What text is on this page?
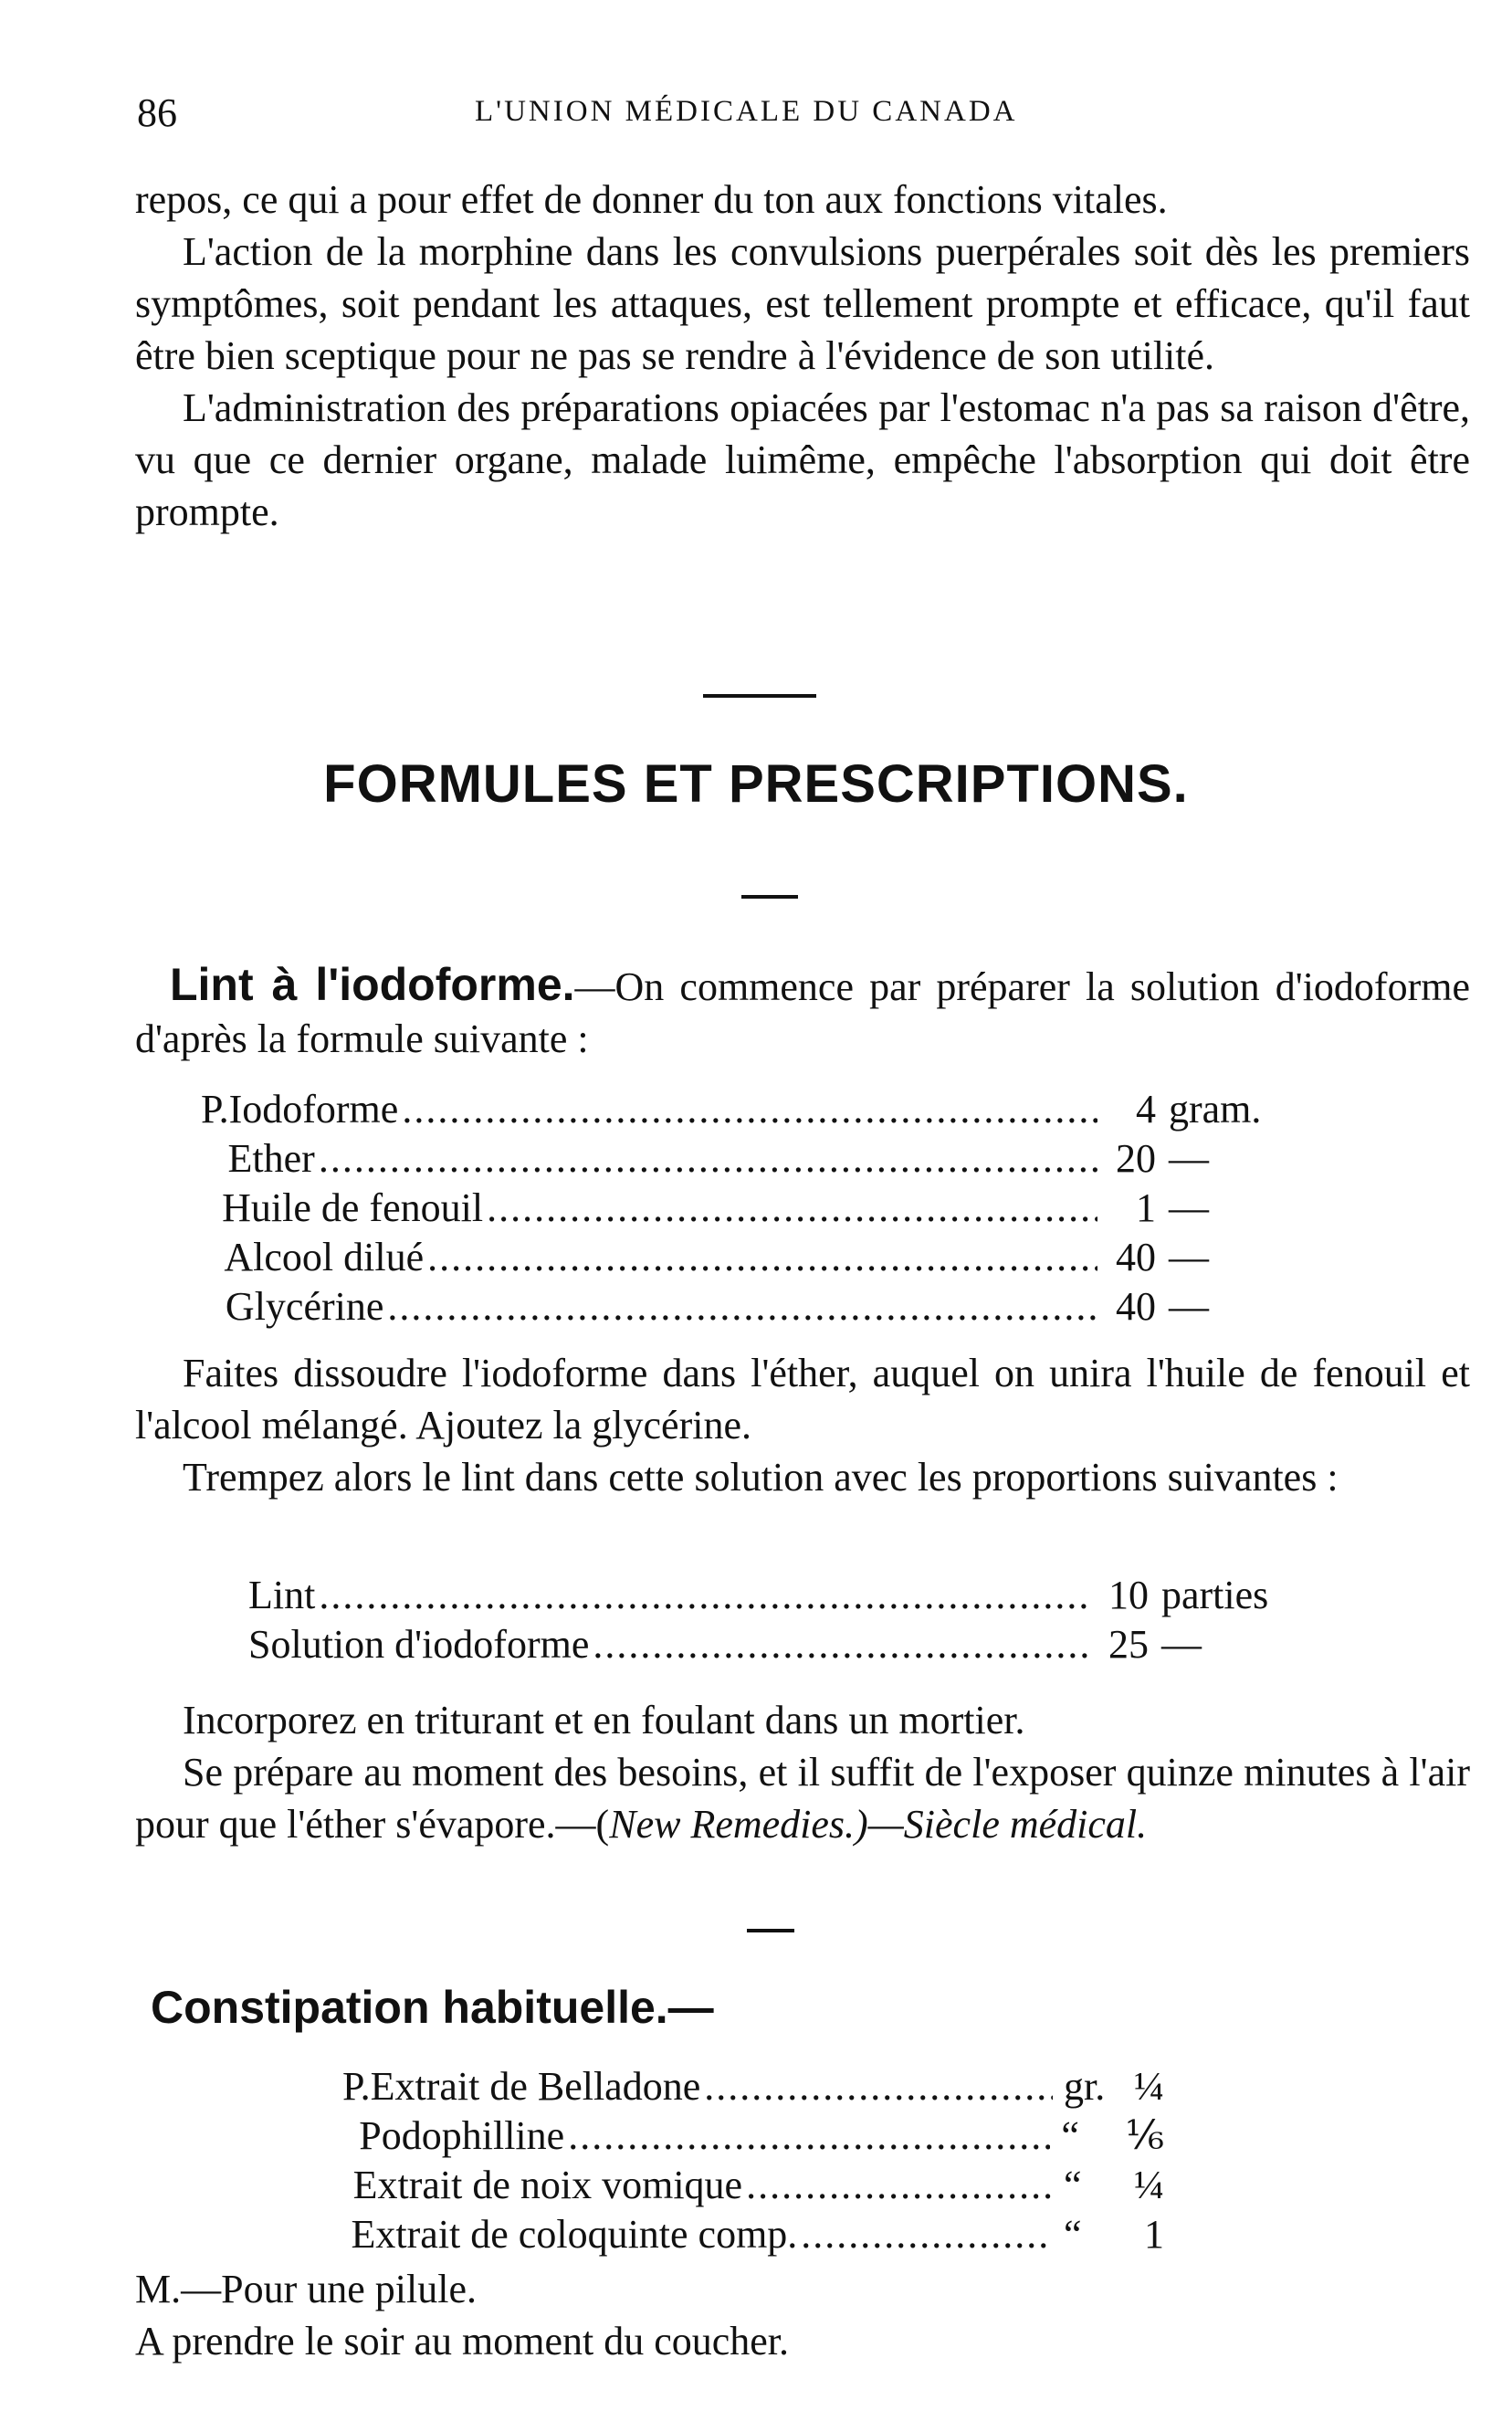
86	L'UNION MÉDICALE DU CANADA

repos, ce qui a pour effet de donner du ton aux fonctions vitales.

L'action de la morphine dans les convulsions puerpérales soit dès les premiers symptômes, soit pendant les attaques, est tellement prompte et efficace, qu'il faut être bien sceptique pour ne pas se rendre à l'évidence de son utilité.

L'administration des préparations opiacées par l'estomac n'a pas sa raison d'être, vu que ce dernier organe, malade luimême, empêche l'absorption qui doit être prompte.

FORMULES ET PRESCRIPTIONS.

Lint à l'iodoforme.—On commence par préparer la solution d'iodoforme d'après la formule suivante :

P. Iodoforme .....	4 gram.
Ether .....	20 —
Huile de fenouil .....	1 —
Alcool dilué .....	40 —
Glycérine .....	40 —

Faites dissoudre l'iodoforme dans l'éther, auquel on unira l'huile de fenouil et l'alcool mélangé. Ajoutez la glycérine.

Trempez alors le lint dans cette solution avec les proportions suivantes :

Lint .....	10 parties
Solution d'iodoforme .....	25 —

Incorporez en triturant et en foulant dans un mortier.

Se prépare au moment des besoins, et il suffit de l'exposer quinze minutes à l'air pour que l'éther s'évapore.—(New Remedies.)—Siècle médical.

Constipation habituelle.—
P. Extrait de Belladone .....	gr. ¼
Podophilline .....	“	⅙
Extrait de noix vomique .....	“	¼
Extrait de coloquinte comp. .....	“	1
M.—Pour une pilule.
A prendre le soir au moment du coucher.
